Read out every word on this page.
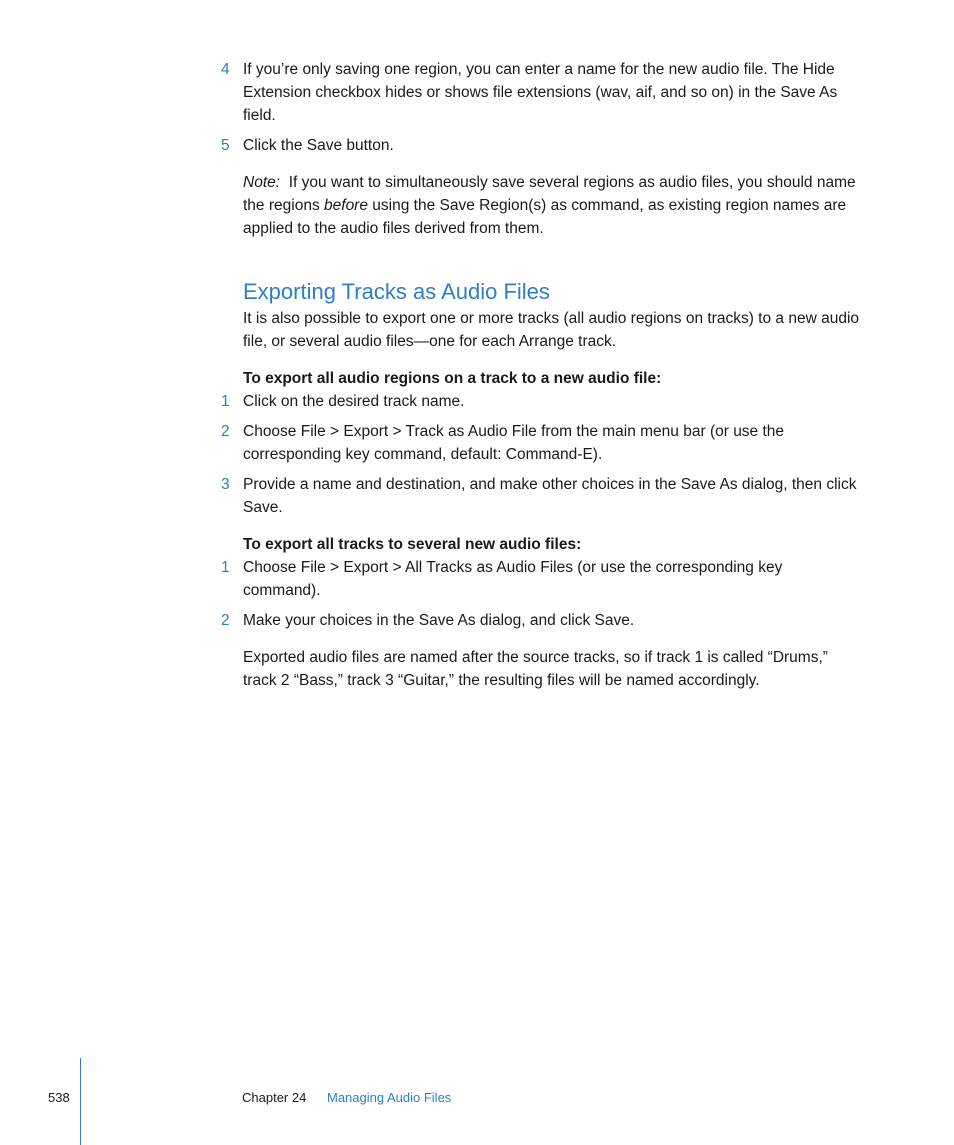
4 If you’re only saving one region, you can enter a name for the new audio file. The Hide Extension checkbox hides or shows file extensions (wav, aif, and so on) in the Save As field.
5 Click the Save button.
Note: If you want to simultaneously save several regions as audio files, you should name the regions before using the Save Region(s) as command, as existing region names are applied to the audio files derived from them.
Exporting Tracks as Audio Files
It is also possible to export one or more tracks (all audio regions on tracks) to a new audio file, or several audio files—one for each Arrange track.
To export all audio regions on a track to a new audio file:
1 Click on the desired track name.
2 Choose File > Export > Track as Audio File from the main menu bar (or use the corresponding key command, default: Command-E).
3 Provide a name and destination, and make other choices in the Save As dialog, then click Save.
To export all tracks to several new audio files:
1 Choose File > Export > All Tracks as Audio Files (or use the corresponding key command).
2 Make your choices in the Save As dialog, and click Save.
Exported audio files are named after the source tracks, so if track 1 is called “Drums,” track 2 “Bass,” track 3 “Guitar,” the resulting files will be named accordingly.
538	Chapter 24 Managing Audio Files
